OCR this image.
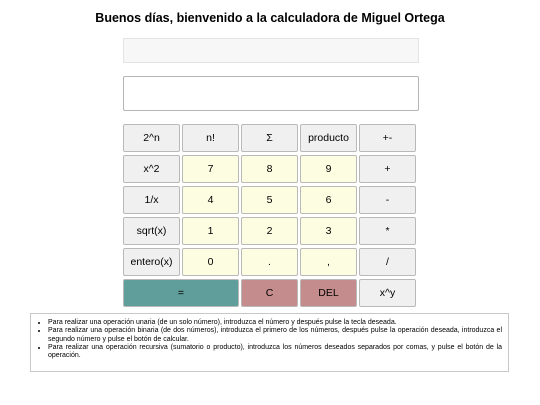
Buenos días, bienvenido a la calculadora de Miguel Ortega
2^n	n!	Σ	producto	+-
x^2	7	8	9	+
1/x	4	5	6	-
sqrt(x)	1	2	3	*
entero(x)	0	.	,	/
=	C	DEL	x^y
• Para realizar una operación unaria (de un solo número), introduzca el número y después pulse la tecla deseada.
• Para realizar una operación binaria (de dos números), introduzca el primero de los números, después pulse la operación deseada, introduzca el segundo número y pulse el botón de calcular.
• Para realizar una operación recursiva (sumatorio o producto), introduzca los números deseados separados por comas, y pulse el botón de la operación.
